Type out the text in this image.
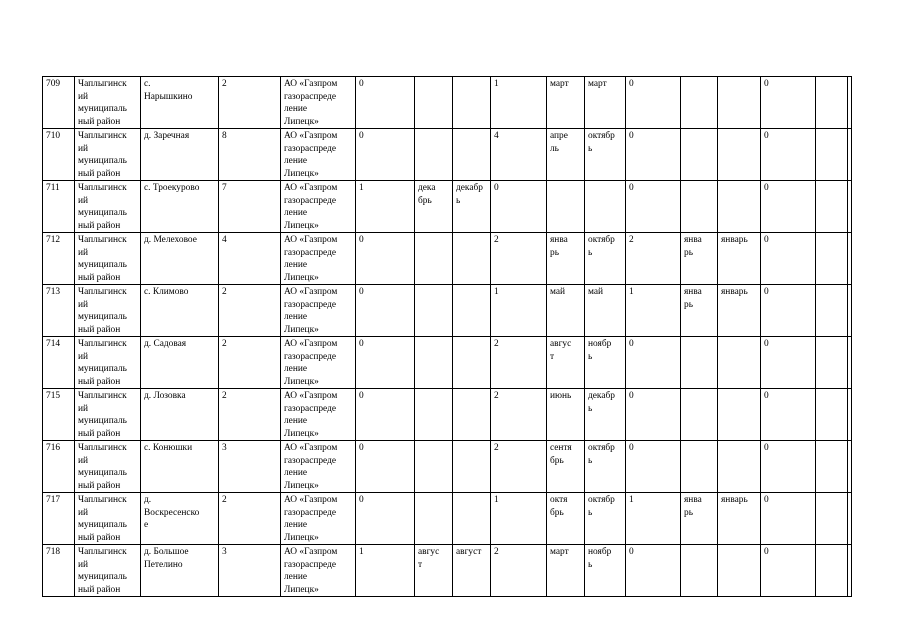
709	Чаплыгинск
ий
муниципаль
ный район	с.
Нарышкино	2	АО «Газпром
газораспреде
ление
Липецк»	0			1	март	март	0			0		
710	Чаплыгинск
ий
муниципаль
ный район	д. Заречная	8	АО «Газпром
газораспреде
ление
Липецк»	0			4	апре
ль	октябр
ь	0			0		
711	Чаплыгинск
ий
муниципаль
ный район	с. Троекурово	7	АО «Газпром
газораспреде
ление
Липецк»	1	дека
брь	декабр
ь	0			0			0		
712	Чаплыгинск
ий
муниципаль
ный район	д. Мелеховое	4	АО «Газпром
газораспреде
ление
Липецк»	0			2	янва
рь	октябр
ь	2	янва
рь	январь	0		
713	Чаплыгинск
ий
муниципаль
ный район	с. Климово	2	АО «Газпром
газораспреде
ление
Липецк»	0			1	май	май	1	янва
рь	январь	0		
714	Чаплыгинск
ий
муниципаль
ный район	д. Садовая	2	АО «Газпром
газораспреде
ление
Липецк»	0			2	авгус
т	ноябр
ь	0			0		
715	Чаплыгинск
ий
муниципаль
ный район	д. Лозовка	2	АО «Газпром
газораспреде
ление
Липецк»	0			2	июнь	декабр
ь	0			0		
716	Чаплыгинск
ий
муниципаль
ный район	с. Конюшки	3	АО «Газпром
газораспреде
ление
Липецк»	0			2	сентя
брь	октябр
ь	0			0		
717	Чаплыгинск
ий
муниципаль
ный район	д.
Воскресенско
е	2	АО «Газпром
газораспреде
ление
Липецк»	0			1	октя
брь	октябр
ь	1	янва
рь	январь	0		
718	Чаплыгинск
ий
муниципаль
ный район	д. Большое
Петелино	3	АО «Газпром
газораспреде
ление
Липецк»	1	авгус
т	август	2	март	ноябр
ь	0			0		
